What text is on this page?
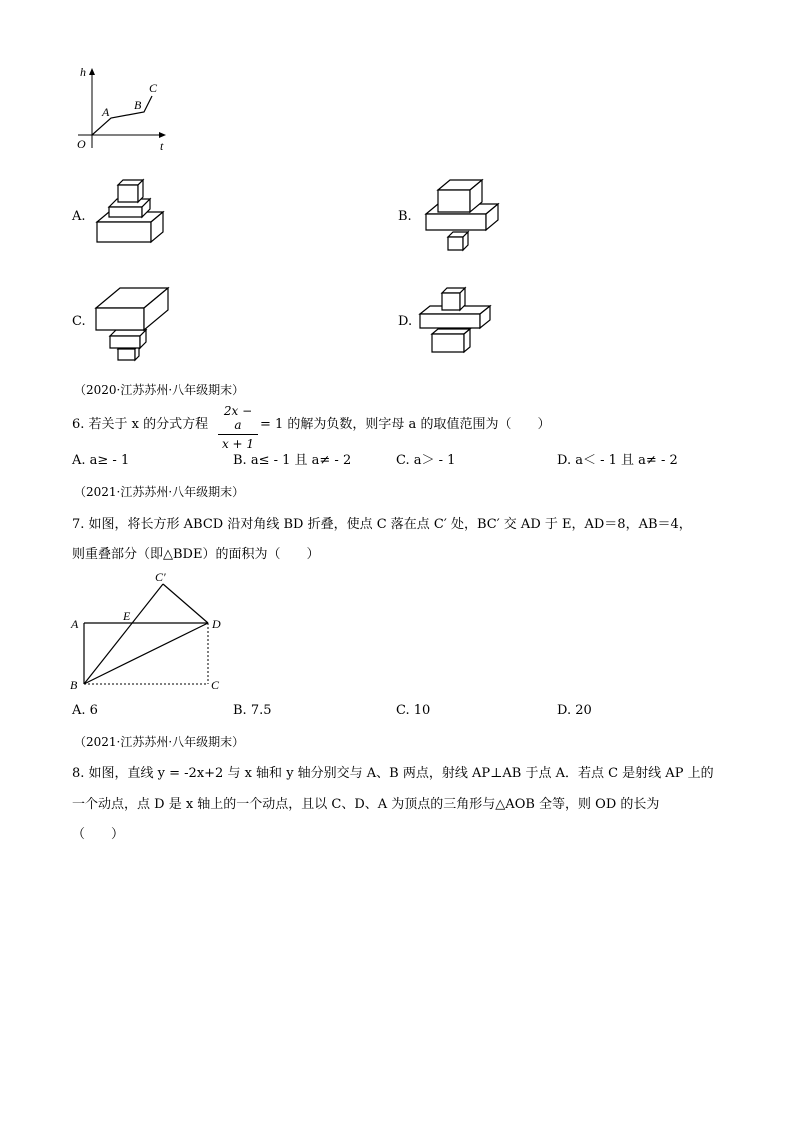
h
t
O
A B
C
A.	B.
C.	D.
（2020·江苏苏州·八年级期末）
6. 若关于 x 的分式方程 $\frac{2x - a}{x + 1} = 1$ 的解为负数，则字母 a 的取值范围为（　　）
A. a≥ - 1	B. a≤ - 1 且 a≠ - 2	C. a＞ - 1	D. a＜ - 1 且 a≠ - 2
（2021·江苏苏州·八年级期末）
7. 如图，将长方形 ABCD 沿对角线 BD 折叠，使点 C 落在点 C′ 处，BC′ 交 AD 于 E，AD＝8，AB＝4，
则重叠部分（即△BDE）的面积为（　　）
C′
A
E
D
B	C
A. 6	B. 7.5	C. 10	D. 20
（2021·江苏苏州·八年级期末）
8. 如图，直线 y = -2x+2 与 x 轴和 y 轴分别交与 A、B 两点，射线 AP⊥AB 于点 A．若点 C 是射线 AP 上的
一个动点，点 D 是 x 轴上的一个动点，且以 C、D、A 为顶点的三角形与△AOB 全等，则 OD 的长为
（　　）
